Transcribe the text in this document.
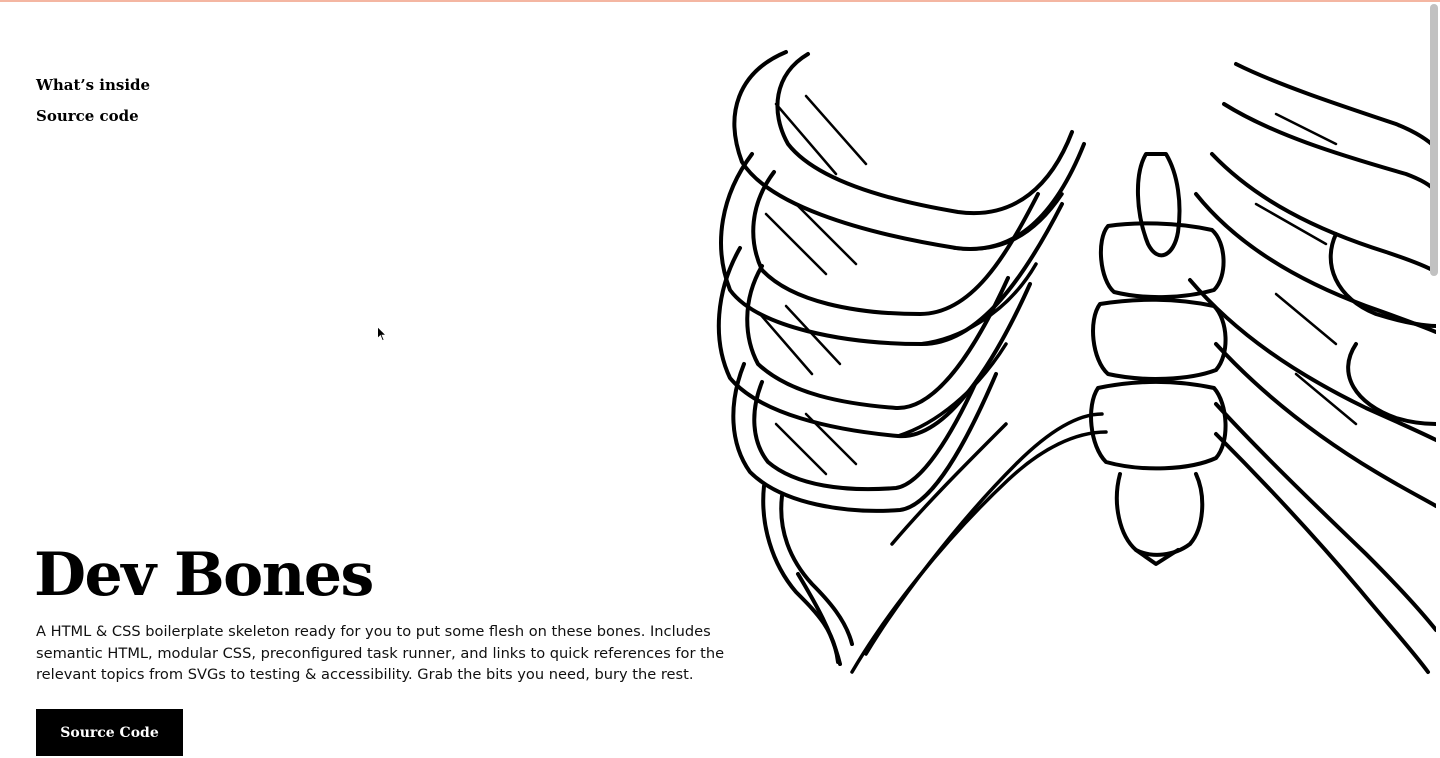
What’s inside
Source code
Dev Bones

A HTML & CSS boilerplate skeleton ready for you to put some flesh on these bones. Includes semantic HTML, modular CSS, preconfigured task runner, and links to quick references for the relevant topics from SVGs to testing & accessibility. Grab the bits you need, bury the rest.

Source Code
